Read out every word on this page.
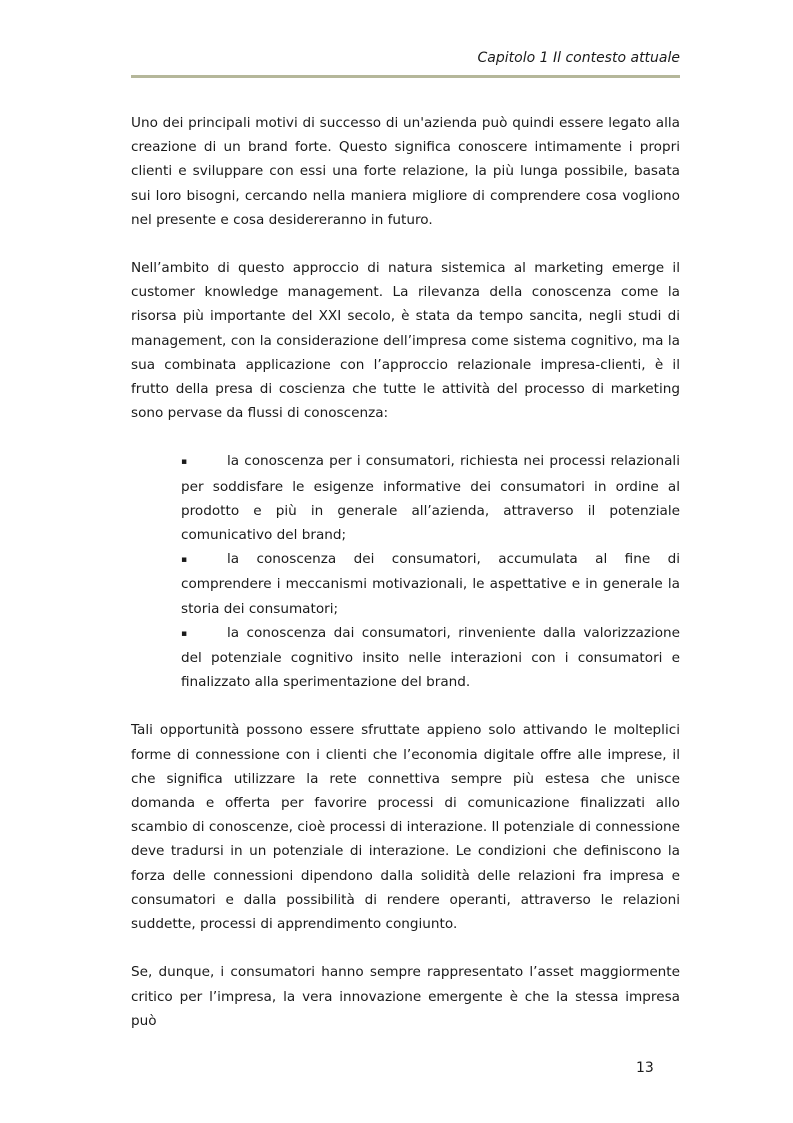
Capitolo 1 Il contesto attuale

Uno dei principali motivi di successo di un'azienda può quindi essere legato alla creazione di un brand forte. Questo significa conoscere intimamente i propri clienti e sviluppare con essi una forte relazione, la più lunga possibile, basata sui loro bisogni, cercando nella maniera migliore di comprendere cosa vogliono nel presente e cosa desidereranno in futuro.

Nell’ambito di questo approccio di natura sistemica al marketing emerge il customer knowledge management. La rilevanza della conoscenza come la risorsa più importante del XXI secolo, è stata da tempo sancita, negli studi di management, con la considerazione dell’impresa come sistema cognitivo, ma la sua combinata applicazione con l’approccio relazionale impresa-clienti, è il frutto della presa di coscienza che tutte le attività del processo di marketing sono pervase da flussi di conoscenza:

▪	la conoscenza per i consumatori, richiesta nei processi relazionali per soddisfare le esigenze informative dei consumatori in ordine al prodotto e più in generale all’azienda, attraverso il potenziale comunicativo del brand;
▪	la conoscenza dei consumatori, accumulata al fine di comprendere i meccanismi motivazionali, le aspettative e in generale la storia dei consumatori;
▪	la conoscenza dai consumatori, rinveniente dalla valorizzazione del potenziale cognitivo insito nelle interazioni con i consumatori e finalizzato alla sperimentazione del brand.

Tali opportunità possono essere sfruttate appieno solo attivando le molteplici forme di connessione con i clienti che l’economia digitale offre alle imprese, il che significa utilizzare la rete connettiva sempre più estesa che unisce domanda e offerta per favorire processi di comunicazione finalizzati allo scambio di conoscenze, cioè processi di interazione. Il potenziale di connessione deve tradursi in un potenziale di interazione. Le condizioni che definiscono la forza delle connessioni dipendono dalla solidità delle relazioni fra impresa e consumatori e dalla possibilità di rendere operanti, attraverso le relazioni suddette, processi di apprendimento congiunto.

Se, dunque, i consumatori hanno sempre rappresentato l’asset maggiormente critico per l’impresa, la vera innovazione emergente è che la stessa impresa può

13
